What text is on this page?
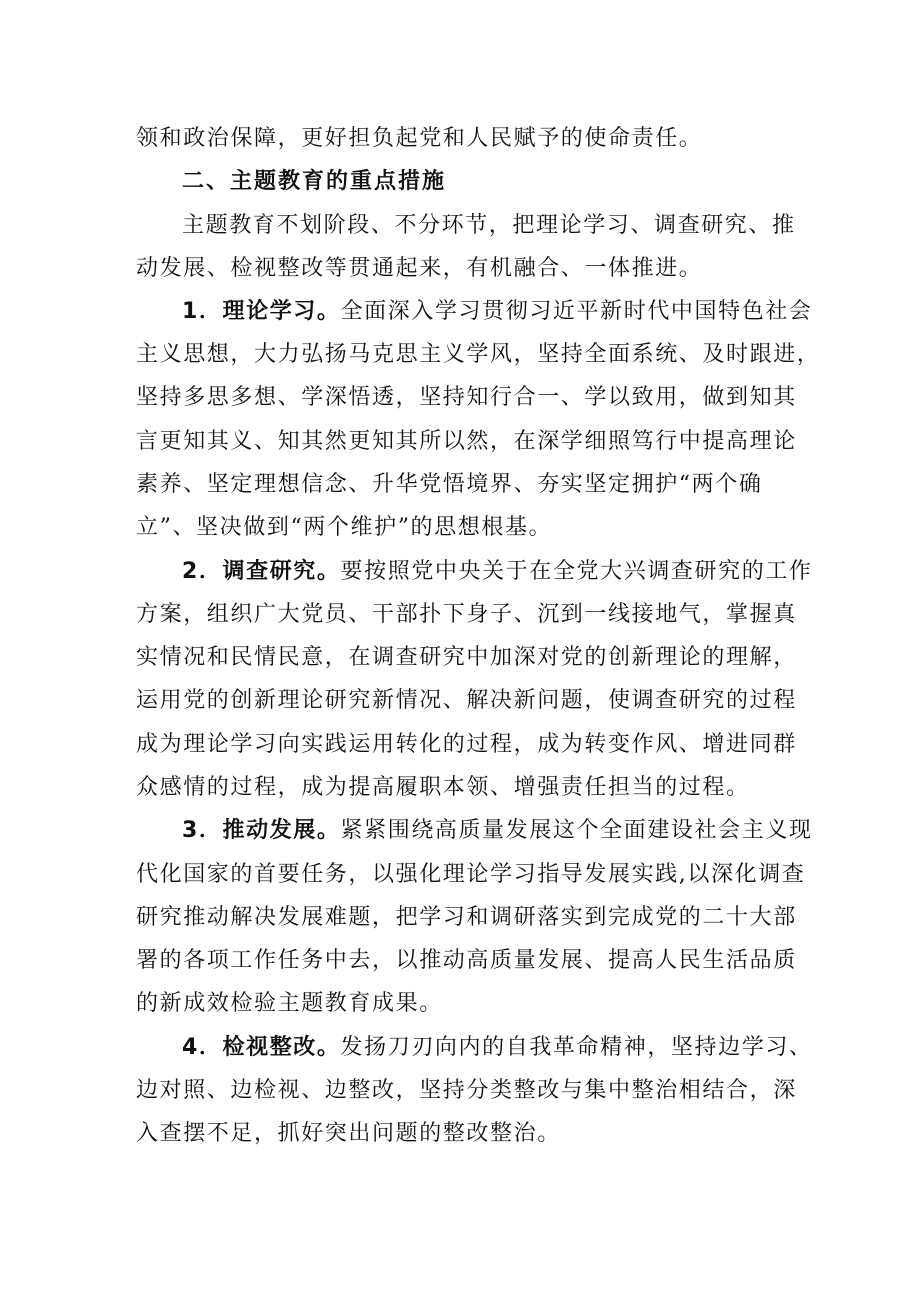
领和政治保障，更好担负起党和人民赋予的使命责任。
二、主题教育的重点措施
主题教育不划阶段、不分环节，把理论学习、调查研究、推
动发展、检视整改等贯通起来，有机融合、一体推进。
1．理论学习。全面深入学习贯彻习近平新时代中国特色社会
主义思想，大力弘扬马克思主义学风，坚持全面系统、及时跟进，
坚持多思多想、学深悟透，坚持知行合一、学以致用，做到知其
言更知其义、知其然更知其所以然，在深学细照笃行中提高理论
素养、坚定理想信念、升华党悟境界、夯实坚定拥护“两个确
立”、坚决做到“两个维护”的思想根基。
2．调查研究。要按照党中央关于在全党大兴调查研究的工作
方案，组织广大党员、干部扑下身子、沉到一线接地气，掌握真
实情况和民情民意，在调查研究中加深对党的创新理论的理解，
运用党的创新理论研究新情况、解决新问题，使调查研究的过程
成为理论学习向实践运用转化的过程，成为转变作风、增进同群
众感情的过程，成为提高履职本领、增强责任担当的过程。
3．推动发展。紧紧围绕高质量发展这个全面建设社会主义现
代化国家的首要任务，以强化理论学习指导发展实践,以深化调查
研究推动解决发展难题，把学习和调研落实到完成党的二十大部
署的各项工作任务中去，以推动高质量发展、提高人民生活品质
的新成效检验主题教育成果。
4．检视整改。发扬刀刃向内的自我革命精神，坚持边学习、
边对照、边检视、边整改，坚持分类整改与集中整治相结合，深
入查摆不足，抓好突出问题的整改整治。
